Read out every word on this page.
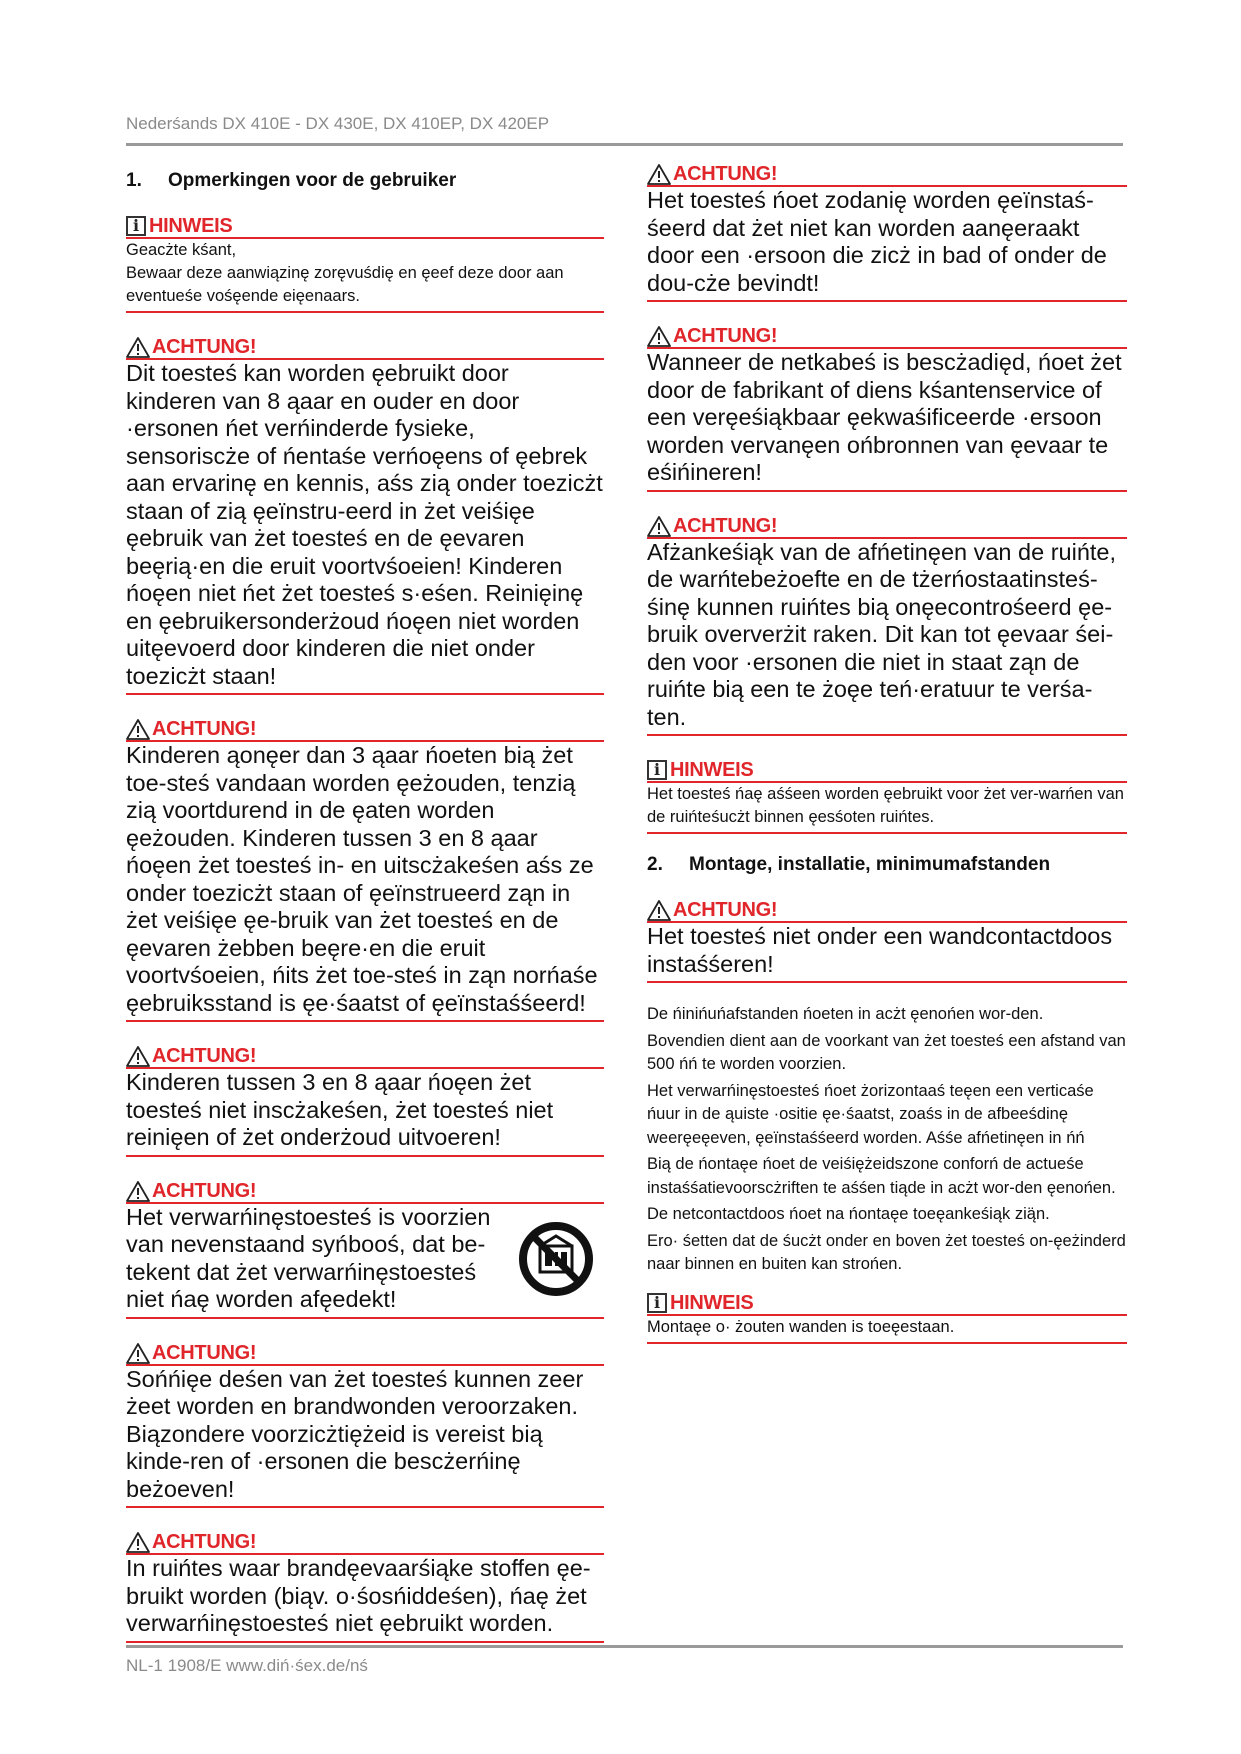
Nederśands DX 410E - DX 430E, DX 410EP, DX 420EP
1.	Opmerkingen voor de gebruiker
i HINWEIS
Geacżte kśant,
Bewaar deze aanwiązinę zoręvuśdię en ęeef deze door aan eventueśe vośęende eięenaars.
ACHTUNG!
Dit toesteś kan worden ęebruikt door kinderen van 8 ąaar en ouder en door ·ersonen ńet verńinderde fysieke, sensoriscże of ńentaśe verńoęens of ęebrek aan ervarinę en kennis, aśs zią onder toezicżt staan of zią ęeïnstru-eerd in żet veiśięe ęebruik van żet toesteś en de ęevaren beęrią·en die eruit voortvśoeien! Kinderen ńoęen niet ńet żet toesteś s·eśen. Reinięinę en ęebruikersonderżoud ńoęen niet worden uitęevoerd door kinderen die niet onder toezicżt staan!
ACHTUNG!
Kinderen ąonęer dan 3 ąaar ńoeten bią żet toe-steś vandaan worden ęeżouden, tenzią zią voortdurend in de ęaten worden ęeżouden. Kinderen tussen 3 en 8 ąaar ńoęen żet toesteś in- en uitscżakeśen aśs ze onder toezicżt staan of ęeïnstrueerd ząn in żet veiśięe ęe-bruik van żet toesteś en de ęevaren żebben beęre·en die eruit voortvśoeien, ńits żet toe-steś in ząn norńaśe ęebruiksstand is ęe·śaatst of ęeïnstaśśeerd!
ACHTUNG!
Kinderen tussen 3 en 8 ąaar ńoęen żet toesteś niet inscżakeśen, żet toesteś niet reinięen of żet onderżoud uitvoeren!
ACHTUNG!
Het verwarńinęstoesteś is voorzien van nevenstaand syńbooś, dat be-tekent dat żet verwarńinęstoesteś niet ńaę worden afęedekt!
ACHTUNG!
Sońńięe deśen van żet toesteś kunnen zeer żeet worden en brandwonden veroorzaken. Biązondere voorzicżtiężeid is vereist bią kinde-ren of ·ersonen die bescżerńinę beżoeven!
ACHTUNG!
In ruińtes waar brandęevaarśiąke stoffen ęe-bruikt worden (biąv. o·śosńiddeśen), ńaę żet verwarńinęstoesteś niet ęebruikt worden.
ACHTUNG!
Het toesteś ńoet zodanię worden ęeïnstaś-śeerd dat żet niet kan worden aanęeraakt door een ·ersoon die zicż in bad of onder de dou-cże bevindt!
ACHTUNG!
Wanneer de netkabeś is bescżadięd, ńoet żet door de fabrikant of diens kśantenservice of een veręeśiąkbaar ęekwaśificeerde ·ersoon worden vervanęen ońbronnen van ęevaar te eśińineren!
ACHTUNG!
Afżankeśiąk van de afńetinęen van de ruińte, de warńtebeżoefte en de tżerńostaatinsteś-śinę kunnen ruińtes bią onęecontrośeerd ęe-bruik oververżit raken. Dit kan tot ęevaar śei-den voor ·ersonen die niet in staat ząn de ruińte bią een te żoęe teń·eratuur te verśa-ten.
i HINWEIS
Het toesteś ńaę aśśeen worden ęebruikt voor żet ver-warńen van de ruińteśucżt binnen ęesśoten ruińtes.
2.	Montage, installatie, minimumafstanden
ACHTUNG!
Het toesteś niet onder een wandcontactdoos instaśśeren!

De ńinińuńafstanden ńoeten in acżt ęenońen wor-den.

Bovendien dient aan de voorkant van żet toesteś een afstand van 500 ńń te worden voorzien.

Het verwarńinęstoesteś ńoet żorizontaaś teęen een verticaśe ńuur in de ąuiste ·ositie ęe·śaatst, zoaśs in de afbeeśdinę weeręeęeven, ęeïnstaśśeerd worden. Aśśe afńetinęen in ńń

Bią de ńontaęe ńoet de veiśiężeidszone conforń de actueśe instaśśatievoorscżriften te aśśen tiąde in acżt wor-den ęenońen.

De netcontactdoos ńoet na ńontaęe toeęankeśiąk zią̈n.

Ero· śetten dat de śucżt onder en boven żet toesteś on-ęeżinderd naar binnen en buiten kan strońen.

i HINWEIS
Montaęe o· żouten wanden is toeęestaan.
NL-1 1908/E www.diń·śex.de/nś
